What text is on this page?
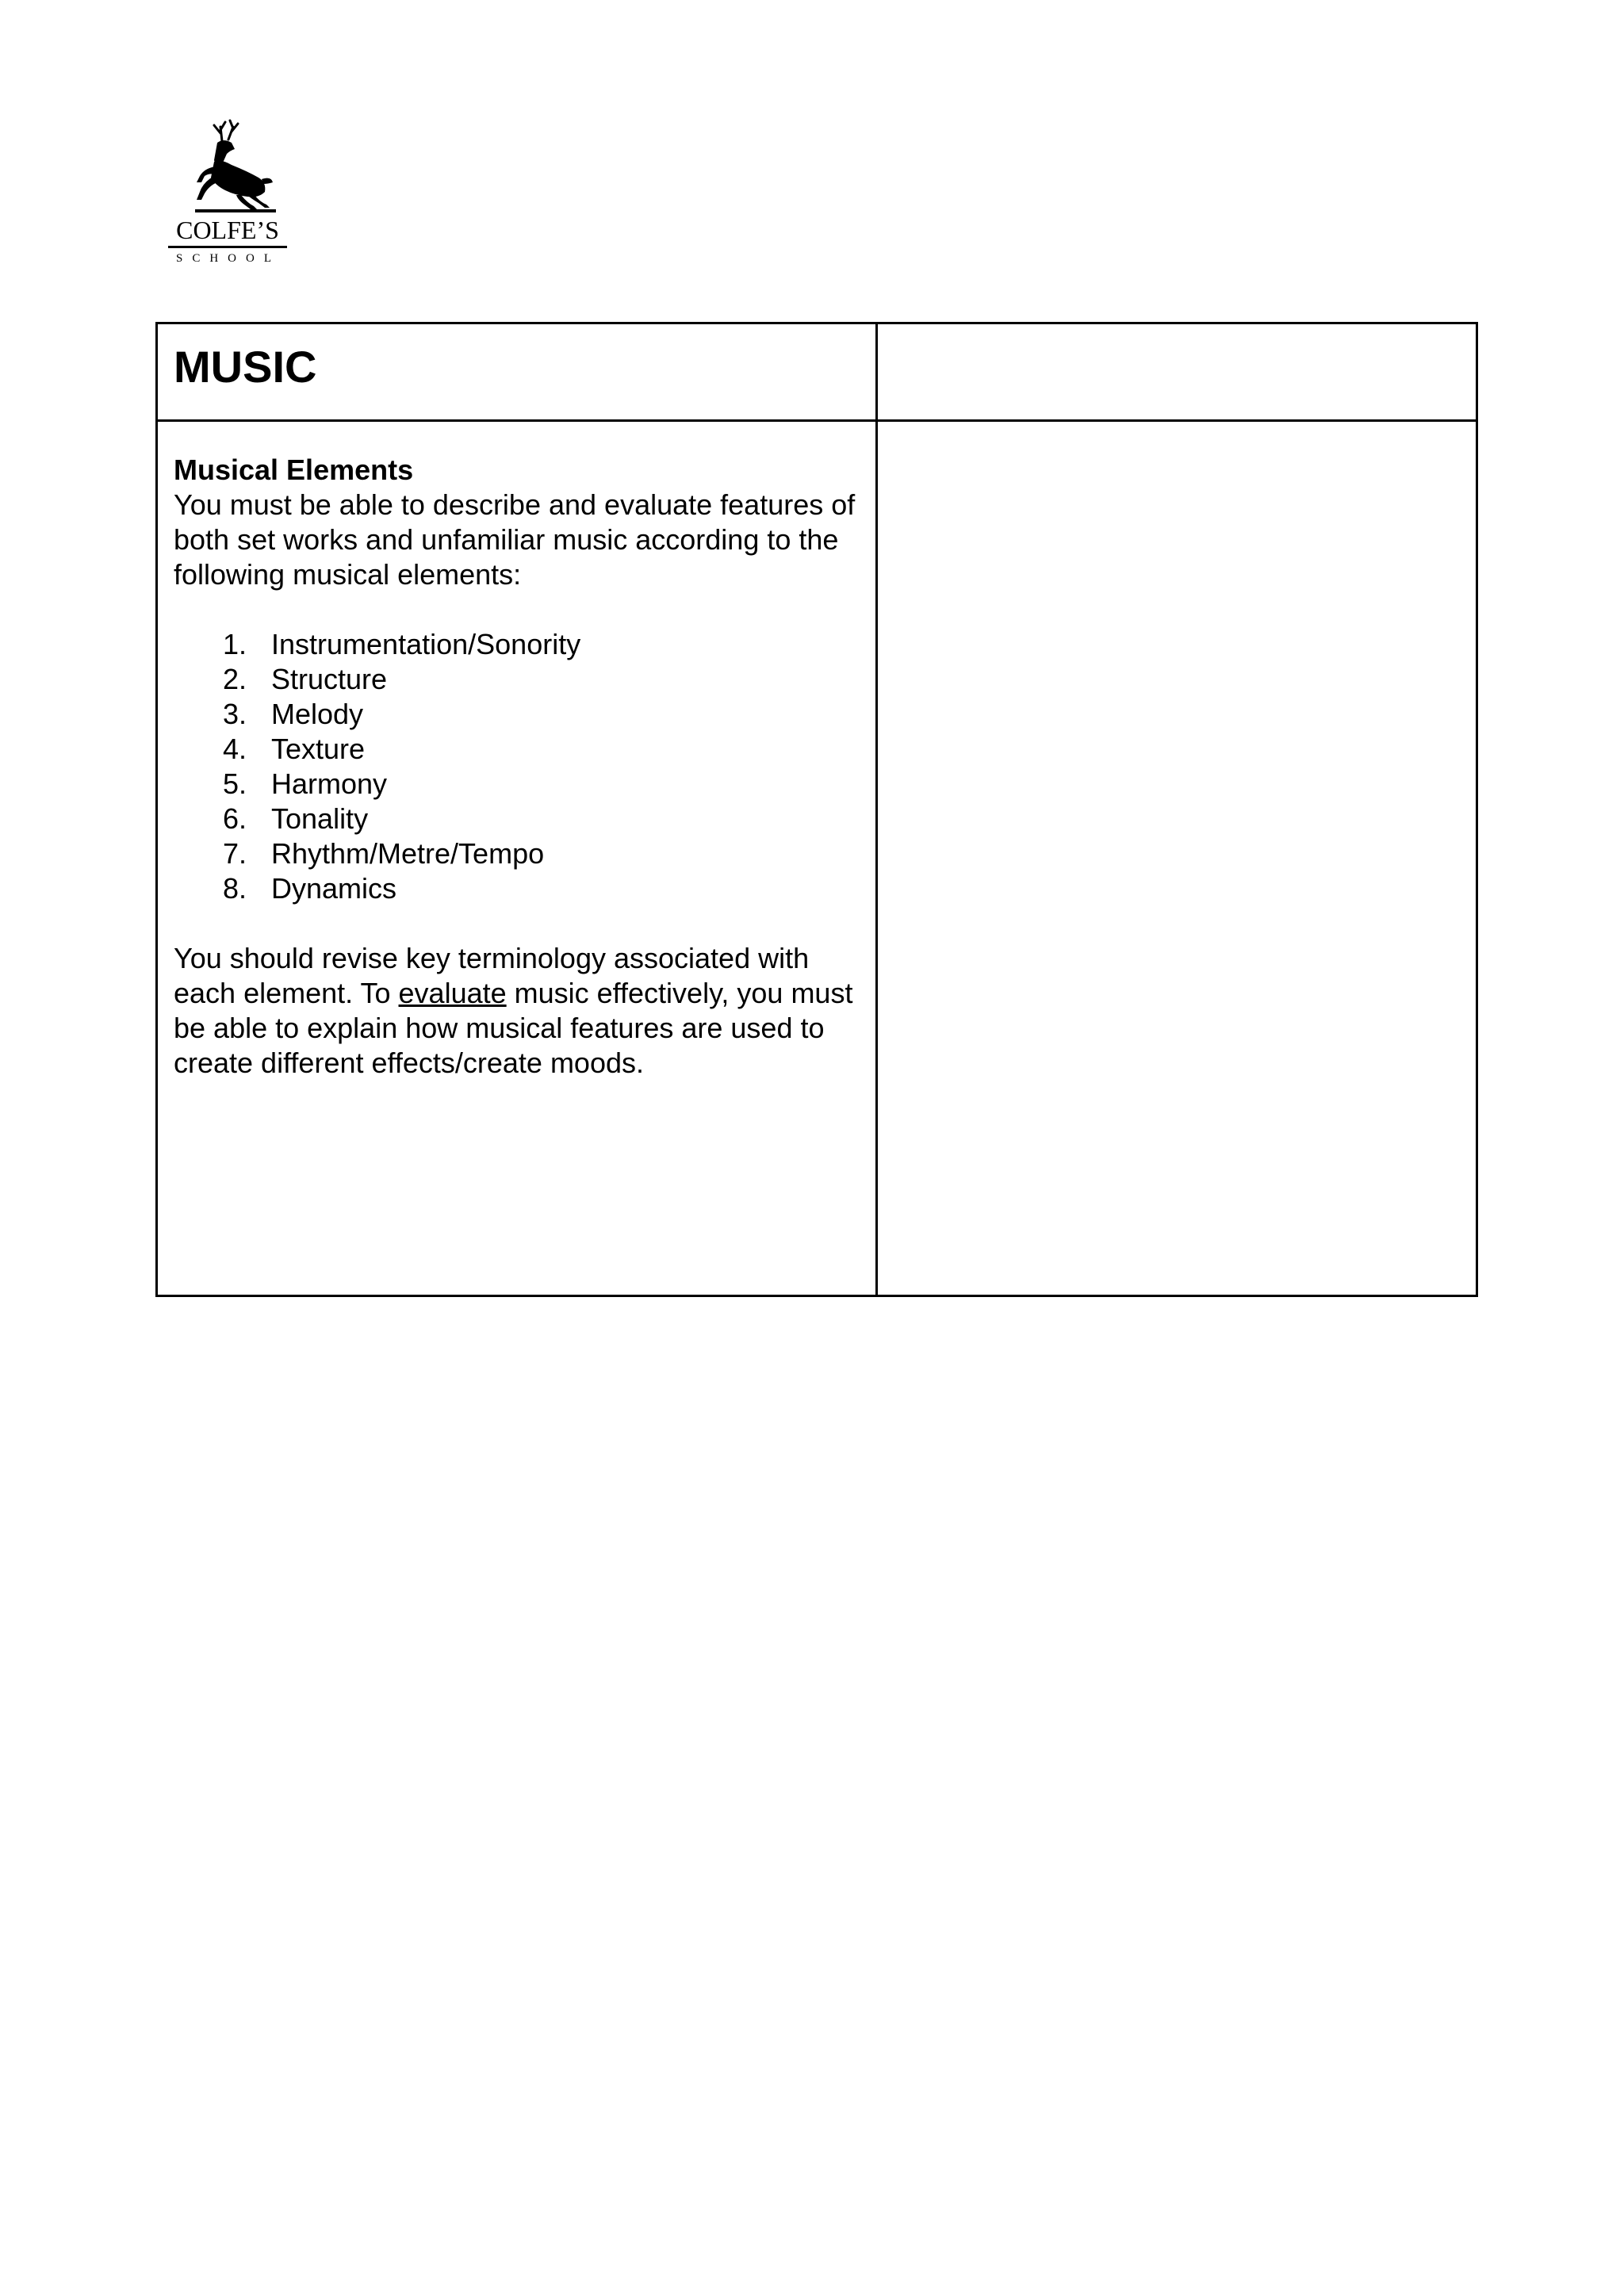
COLFE’S
SCHOOL
MUSIC
Musical Elements

You must be able to describe and evaluate features of both set works and unfamiliar music according to the following musical elements:

1. Instrumentation/Sonority
2. Structure
3. Melody
4. Texture
5. Harmony
6. Tonality
7. Rhythm/Metre/Tempo
8. Dynamics

You should revise key terminology associated with each element. To evaluate music effectively, you must be able to explain how musical features are used to create different effects/create moods.
